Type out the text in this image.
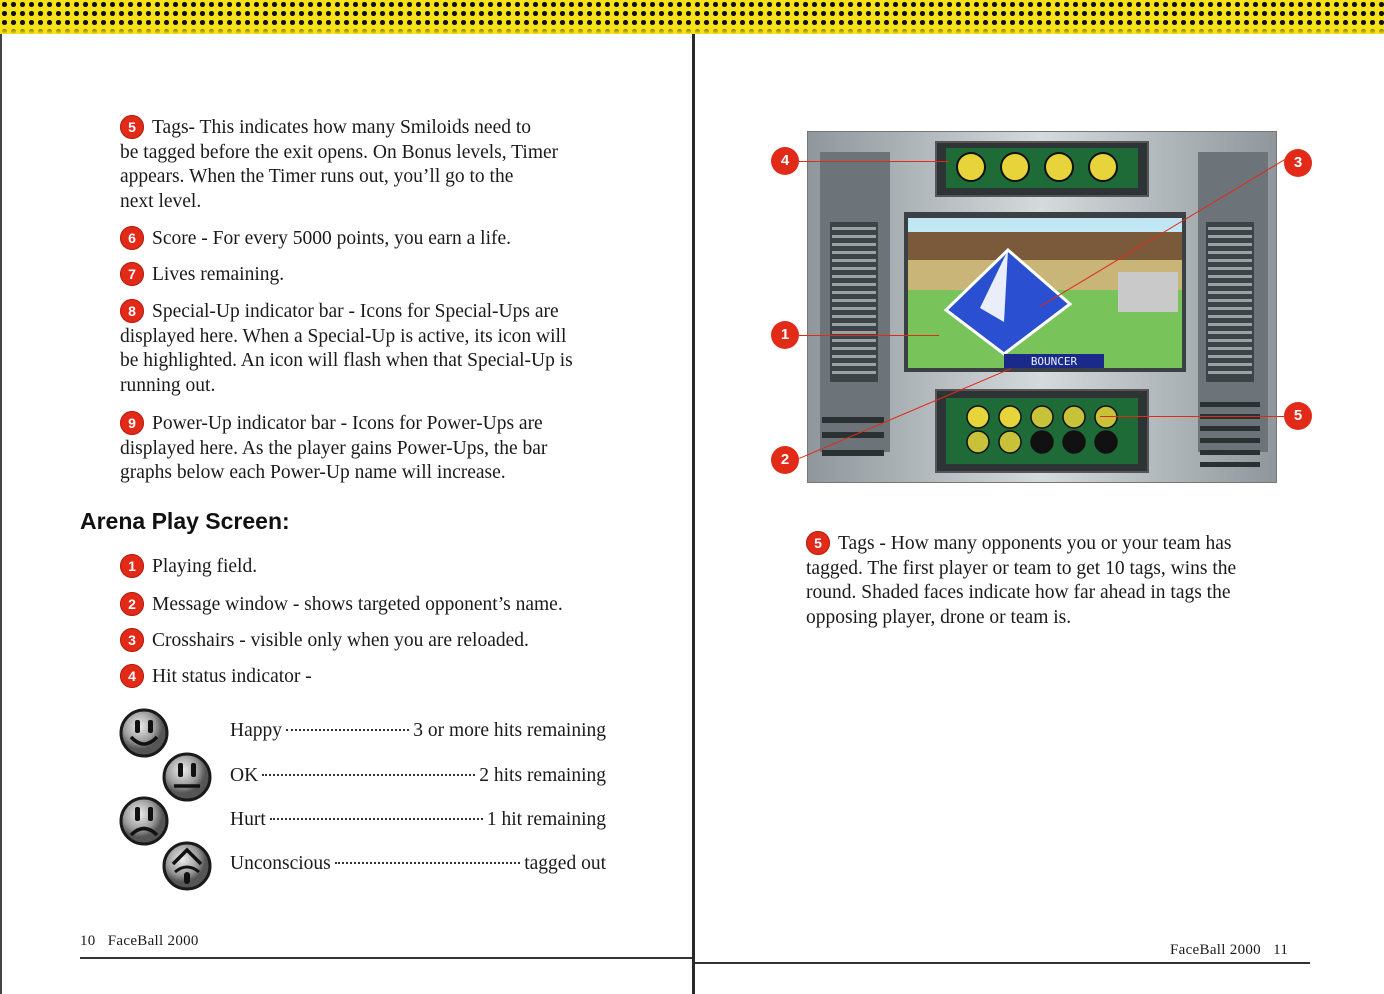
5 Tags- This indicates how many Smiloids need to
be tagged before the exit opens. On Bonus levels, Timer
appears. When the Timer runs out, you’ll go to the
next level.
6 Score - For every 5000 points, you earn a life.
7 Lives remaining.
8 Special-Up indicator bar - Icons for Special-Ups are
displayed here. When a Special-Up is active, its icon will
be highlighted. An icon will flash when that Special-Up is
running out.
9 Power-Up indicator bar - Icons for Power-Ups are
displayed here. As the player gains Power-Ups, the bar
graphs below each Power-Up name will increase.
Arena Play Screen:
1 Playing field.
2 Message window - shows targeted opponent’s name.
3 Crosshairs - visible only when you are reloaded.
4 Hit status indicator -
Happy	3 or more hits remaining
OK	2 hits remaining
Hurt	1 hit remaining
Unconscious	tagged out
10 FaceBall 2000
BOUNCER
4	3
1
5
2
5 Tags - How many opponents you or your team has
tagged. The first player or team to get 10 tags, wins the
round. Shaded faces indicate how far ahead in tags the
opposing player, drone or team is.
FaceBall 2000 11
